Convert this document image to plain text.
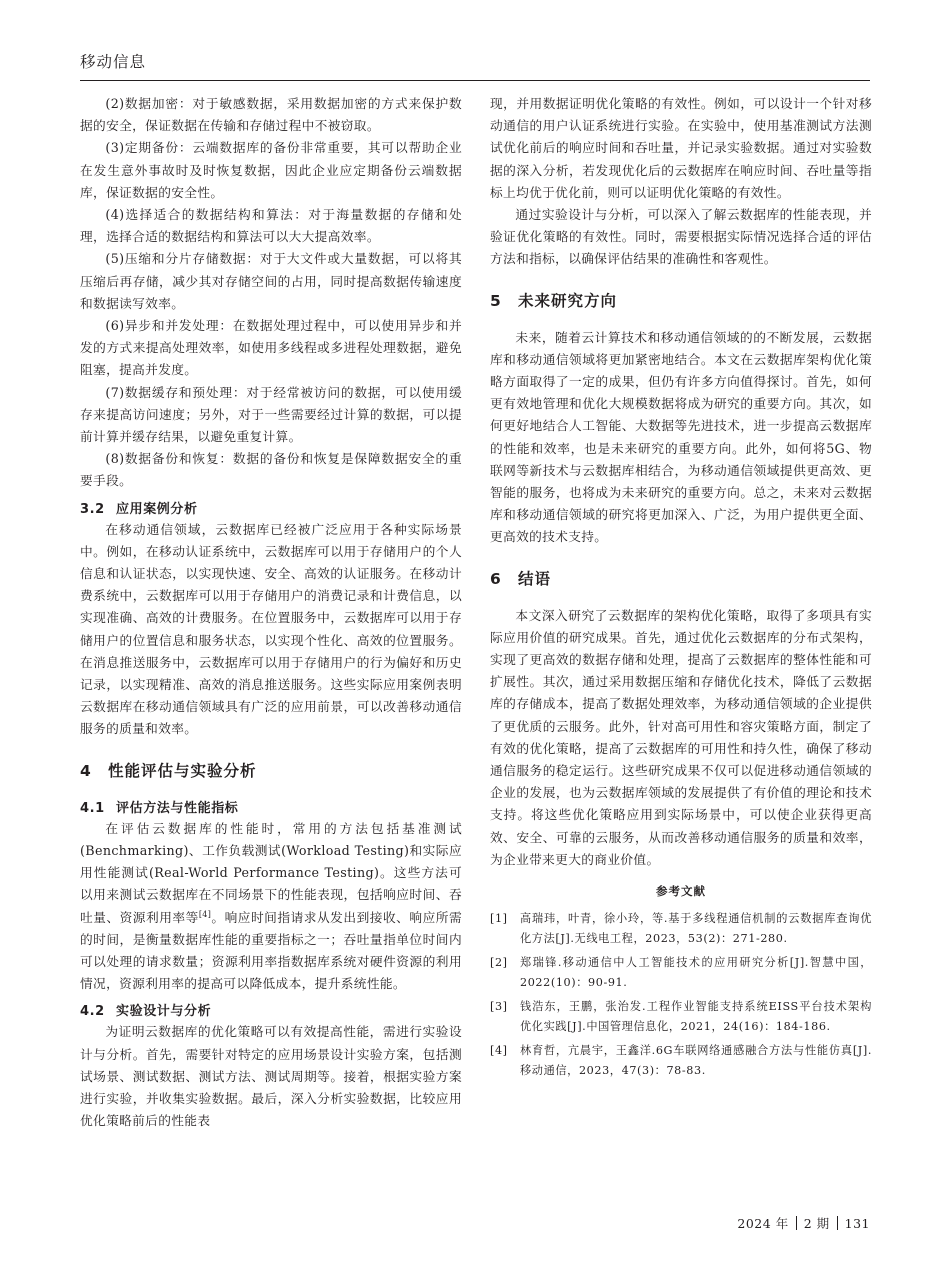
移动信息

(2)数据加密：对于敏感数据，采用数据加密的方式来保护数据的安全，保证数据在传输和存储过程中不被窃取。

(3)定期备份：云端数据库的备份非常重要，其可以帮助企业在发生意外事故时及时恢复数据，因此企业应定期备份云端数据库，保证数据的安全性。

(4)选择适合的数据结构和算法：对于海量数据的存储和处理，选择合适的数据结构和算法可以大大提高效率。

(5)压缩和分片存储数据：对于大文件或大量数据，可以将其压缩后再存储，减少其对存储空间的占用，同时提高数据传输速度和数据读写效率。

(6)异步和并发处理：在数据处理过程中，可以使用异步和并发的方式来提高处理效率，如使用多线程或多进程处理数据，避免阻塞，提高并发度。

(7)数据缓存和预处理：对于经常被访问的数据，可以使用缓存来提高访问速度；另外，对于一些需要经过计算的数据，可以提前计算并缓存结果，以避免重复计算。

(8)数据备份和恢复：数据的备份和恢复是保障数据安全的重要手段。

3.2 应用案例分析

在移动通信领域，云数据库已经被广泛应用于各种实际场景中。例如，在移动认证系统中，云数据库可以用于存储用户的个人信息和认证状态，以实现快速、安全、高效的认证服务。在移动计费系统中，云数据库可以用于存储用户的消费记录和计费信息，以实现准确、高效的计费服务。在位置服务中，云数据库可以用于存储用户的位置信息和服务状态，以实现个性化、高效的位置服务。在消息推送服务中，云数据库可以用于存储用户的行为偏好和历史记录，以实现精准、高效的消息推送服务。这些实际应用案例表明云数据库在移动通信领域具有广泛的应用前景，可以改善移动通信服务的质量和效率。

4 性能评估与实验分析
4.1 评估方法与性能指标

在评估云数据库的性能时，常用的方法包括基准测试(Benchmarking)、工作负载测试(Workload Testing)和实际应用性能测试(Real-World Performance Testing)。这些方法可以用来测试云数据库在不同场景下的性能表现，包括响应时间、吞吐量、资源利用率等[4]。响应时间指请求从发出到接收、响应所需的时间，是衡量数据库性能的重要指标之一；吞吐量指单位时间内可以处理的请求数量；资源利用率指数据库系统对硬件资源的利用情况，资源利用率的提高可以降低成本，提升系统性能。

4.2 实验设计与分析

为证明云数据库的优化策略可以有效提高性能，需进行实验设计与分析。首先，需要针对特定的应用场景设计实验方案，包括测试场景、测试数据、测试方法、测试周期等。接着，根据实验方案进行实验，并收集实验数据。最后，深入分析实验数据，比较应用优化策略前后的性能表

现，并用数据证明优化策略的有效性。例如，可以设计一个针对移动通信的用户认证系统进行实验。在实验中，使用基准测试方法测试优化前后的响应时间和吞吐量，并记录实验数据。通过对实验数据的深入分析，若发现优化后的云数据库在响应时间、吞吐量等指标上均优于优化前，则可以证明优化策略的有效性。

通过实验设计与分析，可以深入了解云数据库的性能表现，并验证优化策略的有效性。同时，需要根据实际情况选择合适的评估方法和指标，以确保评估结果的准确性和客观性。

5 未来研究方向

未来，随着云计算技术和移动通信领域的的不断发展，云数据库和移动通信领域将更加紧密地结合。本文在云数据库架构优化策略方面取得了一定的成果，但仍有许多方向值得探讨。首先，如何更有效地管理和优化大规模数据将成为研究的重要方向。其次，如何更好地结合人工智能、大数据等先进技术，进一步提高云数据库的性能和效率，也是未来研究的重要方向。此外，如何将5G、物联网等新技术与云数据库相结合，为移动通信领域提供更高效、更智能的服务，也将成为未来研究的重要方向。总之，未来对云数据库和移动通信领域的研究将更加深入、广泛，为用户提供更全面、更高效的技术支持。

6 结语

本文深入研究了云数据库的架构优化策略，取得了多项具有实际应用价值的研究成果。首先，通过优化云数据库的分布式架构，实现了更高效的数据存储和处理，提高了云数据库的整体性能和可扩展性。其次，通过采用数据压缩和存储优化技术，降低了云数据库的存储成本，提高了数据处理效率，为移动通信领域的企业提供了更优质的云服务。此外，针对高可用性和容灾策略方面，制定了有效的优化策略，提高了云数据库的可用性和持久性，确保了移动通信服务的稳定运行。这些研究成果不仅可以促进移动通信领域的企业的发展，也为云数据库领域的发展提供了有价值的理论和技术支持。将这些优化策略应用到实际场景中，可以使企业获得更高效、安全、可靠的云服务，从而改善移动通信服务的质量和效率，为企业带来更大的商业价值。

参考文献
[1] 高瑞玮，叶青，徐小玲，等.基于多线程通信机制的云数据库查询优化方法[J].无线电工程，2023，53(2)：271-280.
[2] 郑瑞锋.移动通信中人工智能技术的应用研究分析[J].智慧中国，2022(10)：90-91.
[3] 钱浩东，王鹏，张治发.工程作业智能支持系统EISS平台技术架构优化实践[J].中国管理信息化，2021，24(16)：184-186.
[4] 林育哲，亢晨宇，王鑫洋.6G车联网络通感融合方法与性能仿真[J].移动通信，2023，47(3)：78-83.
2024 年 2 期 131
